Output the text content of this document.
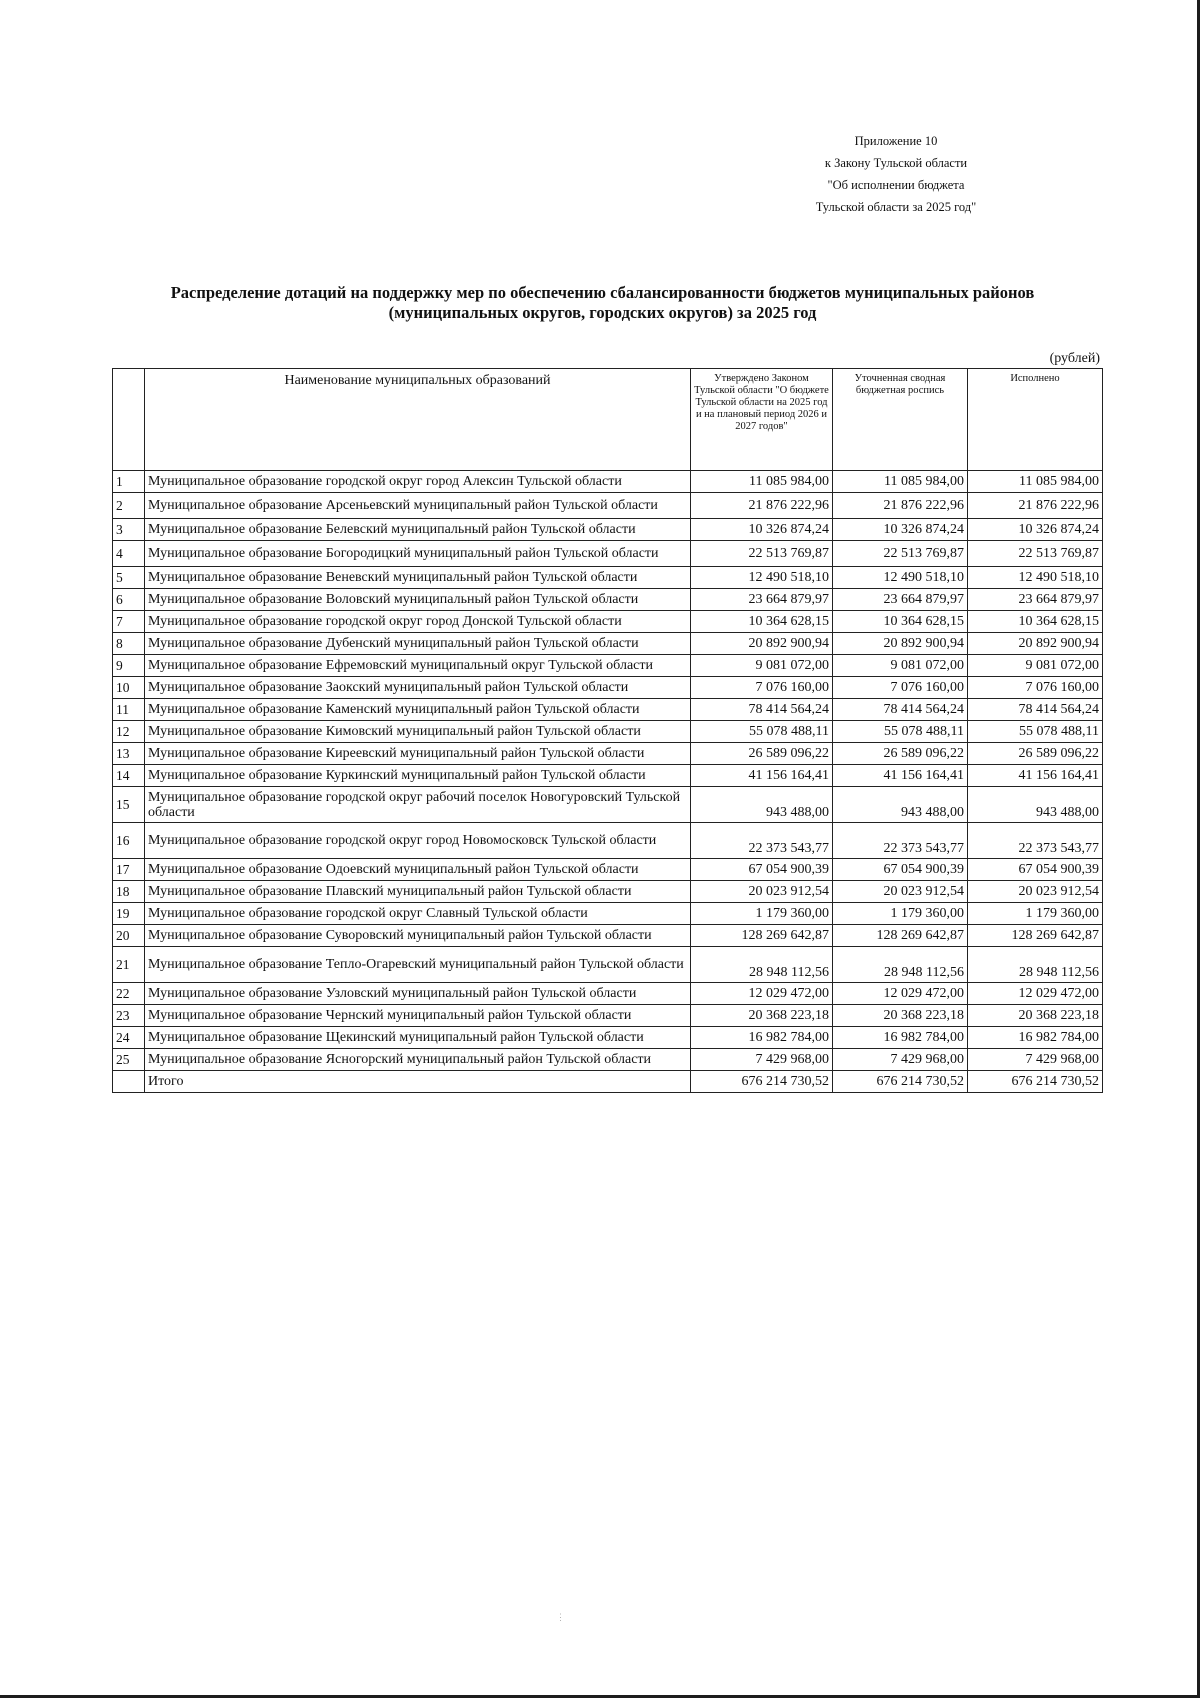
Приложение 10
к Закону Тульской области
"Об исполнении бюджета
Тульской области за 2025 год"
Распределение дотаций на поддержку мер по обеспечению сбалансированности бюджетов муниципальных районов
(муниципальных округов, городских округов) за 2025 год
(рублей)
	Наименование муниципальных образований	Утверждено Законом Тульской области "О бюджете Тульской области на 2025 год и на плановый период 2026 и 2027 годов"	Уточненная сводная бюджетная роспись	Исполнено
1	Муниципальное образование городской округ город Алексин Тульской области	11 085 984,00	11 085 984,00	11 085 984,00
2	Муниципальное образование Арсеньевский муниципальный район Тульской области	21 876 222,96	21 876 222,96	21 876 222,96
3	Муниципальное образование Белевский муниципальный район Тульской области	10 326 874,24	10 326 874,24	10 326 874,24
4	Муниципальное образование Богородицкий муниципальный район Тульской области	22 513 769,87	22 513 769,87	22 513 769,87
5	Муниципальное образование Веневский муниципальный район Тульской области	12 490 518,10	12 490 518,10	12 490 518,10
6	Муниципальное образование Воловский муниципальный район Тульской области	23 664 879,97	23 664 879,97	23 664 879,97
7	Муниципальное образование городской округ город Донской Тульской области	10 364 628,15	10 364 628,15	10 364 628,15
8	Муниципальное образование Дубенский муниципальный район Тульской области	20 892 900,94	20 892 900,94	20 892 900,94
9	Муниципальное образование Ефремовский муниципальный округ Тульской области	9 081 072,00	9 081 072,00	9 081 072,00
10	Муниципальное образование Заокский муниципальный район Тульской области	7 076 160,00	7 076 160,00	7 076 160,00
11	Муниципальное образование Каменский муниципальный район Тульской области	78 414 564,24	78 414 564,24	78 414 564,24
12	Муниципальное образование Кимовский муниципальный район Тульской области	55 078 488,11	55 078 488,11	55 078 488,11
13	Муниципальное образование Киреевский муниципальный район Тульской области	26 589 096,22	26 589 096,22	26 589 096,22
14	Муниципальное образование Куркинский муниципальный район Тульской области	41 156 164,41	41 156 164,41	41 156 164,41
15	Муниципальное образование городской округ рабочий поселок Новогуровский Тульской области	943 488,00	943 488,00	943 488,00
16	Муниципальное образование городской округ город Новомосковск Тульской области	22 373 543,77	22 373 543,77	22 373 543,77
17	Муниципальное образование Одоевский муниципальный район Тульской области	67 054 900,39	67 054 900,39	67 054 900,39
18	Муниципальное образование Плавский муниципальный район Тульской области	20 023 912,54	20 023 912,54	20 023 912,54
19	Муниципальное образование городской округ Славный Тульской области	1 179 360,00	1 179 360,00	1 179 360,00
20	Муниципальное образование Суворовский муниципальный район Тульской области	128 269 642,87	128 269 642,87	128 269 642,87
21	Муниципальное образование Тепло-Огаревский муниципальный район Тульской области	28 948 112,56	28 948 112,56	28 948 112,56
22	Муниципальное образование Узловский муниципальный район Тульской области	12 029 472,00	12 029 472,00	12 029 472,00
23	Муниципальное образование Чернский муниципальный район Тульской области	20 368 223,18	20 368 223,18	20 368 223,18
24	Муниципальное образование Щекинский муниципальный район Тульской области	16 982 784,00	16 982 784,00	16 982 784,00
25	Муниципальное образование Ясногорский муниципальный район Тульской области	7 429 968,00	7 429 968,00	7 429 968,00
	Итого	676 214 730,52	676 214 730,52	676 214 730,52
⋮
